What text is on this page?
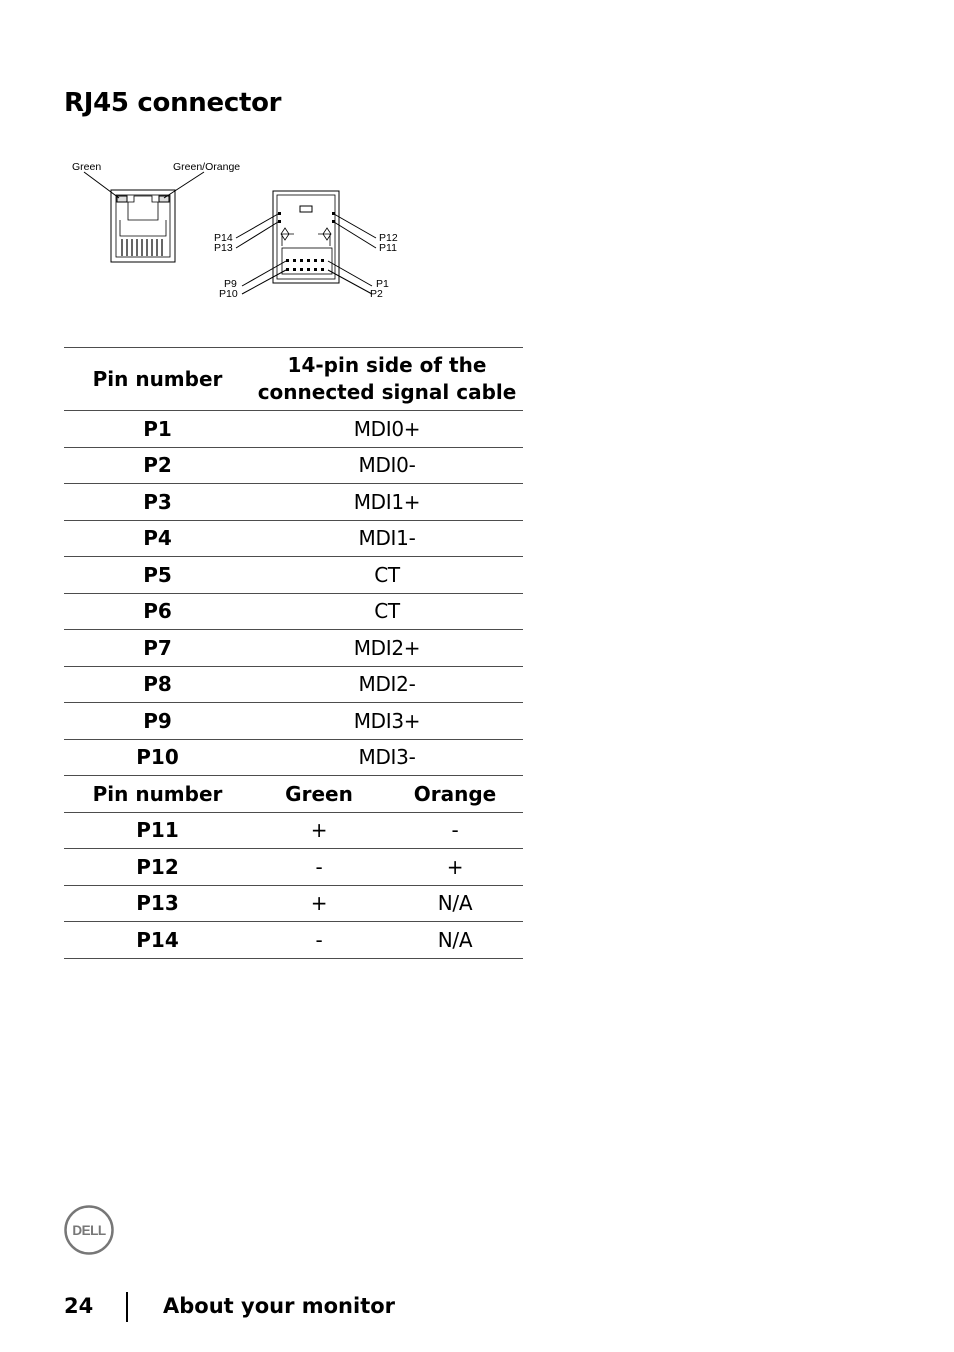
RJ45 connector
Green	Green/Orange
P14
P13
P12
P11
P9
P10
P1
P2
Pin number	14-pin side of the
connected signal cable	
P1	MDI0+	
P2	MDI0-	
P3	MDI1+	
P4	MDI1-	
P5	CT	
P6	CT	
P7	MDI2+	
P8	MDI2-	
P9	MDI3+	
P10	MDI3-	
Pin number	Green	Orange
P11	+	-
P12	-	+
P13	+	N/A
P14	-	N/A
DELL
24	About your monitor
